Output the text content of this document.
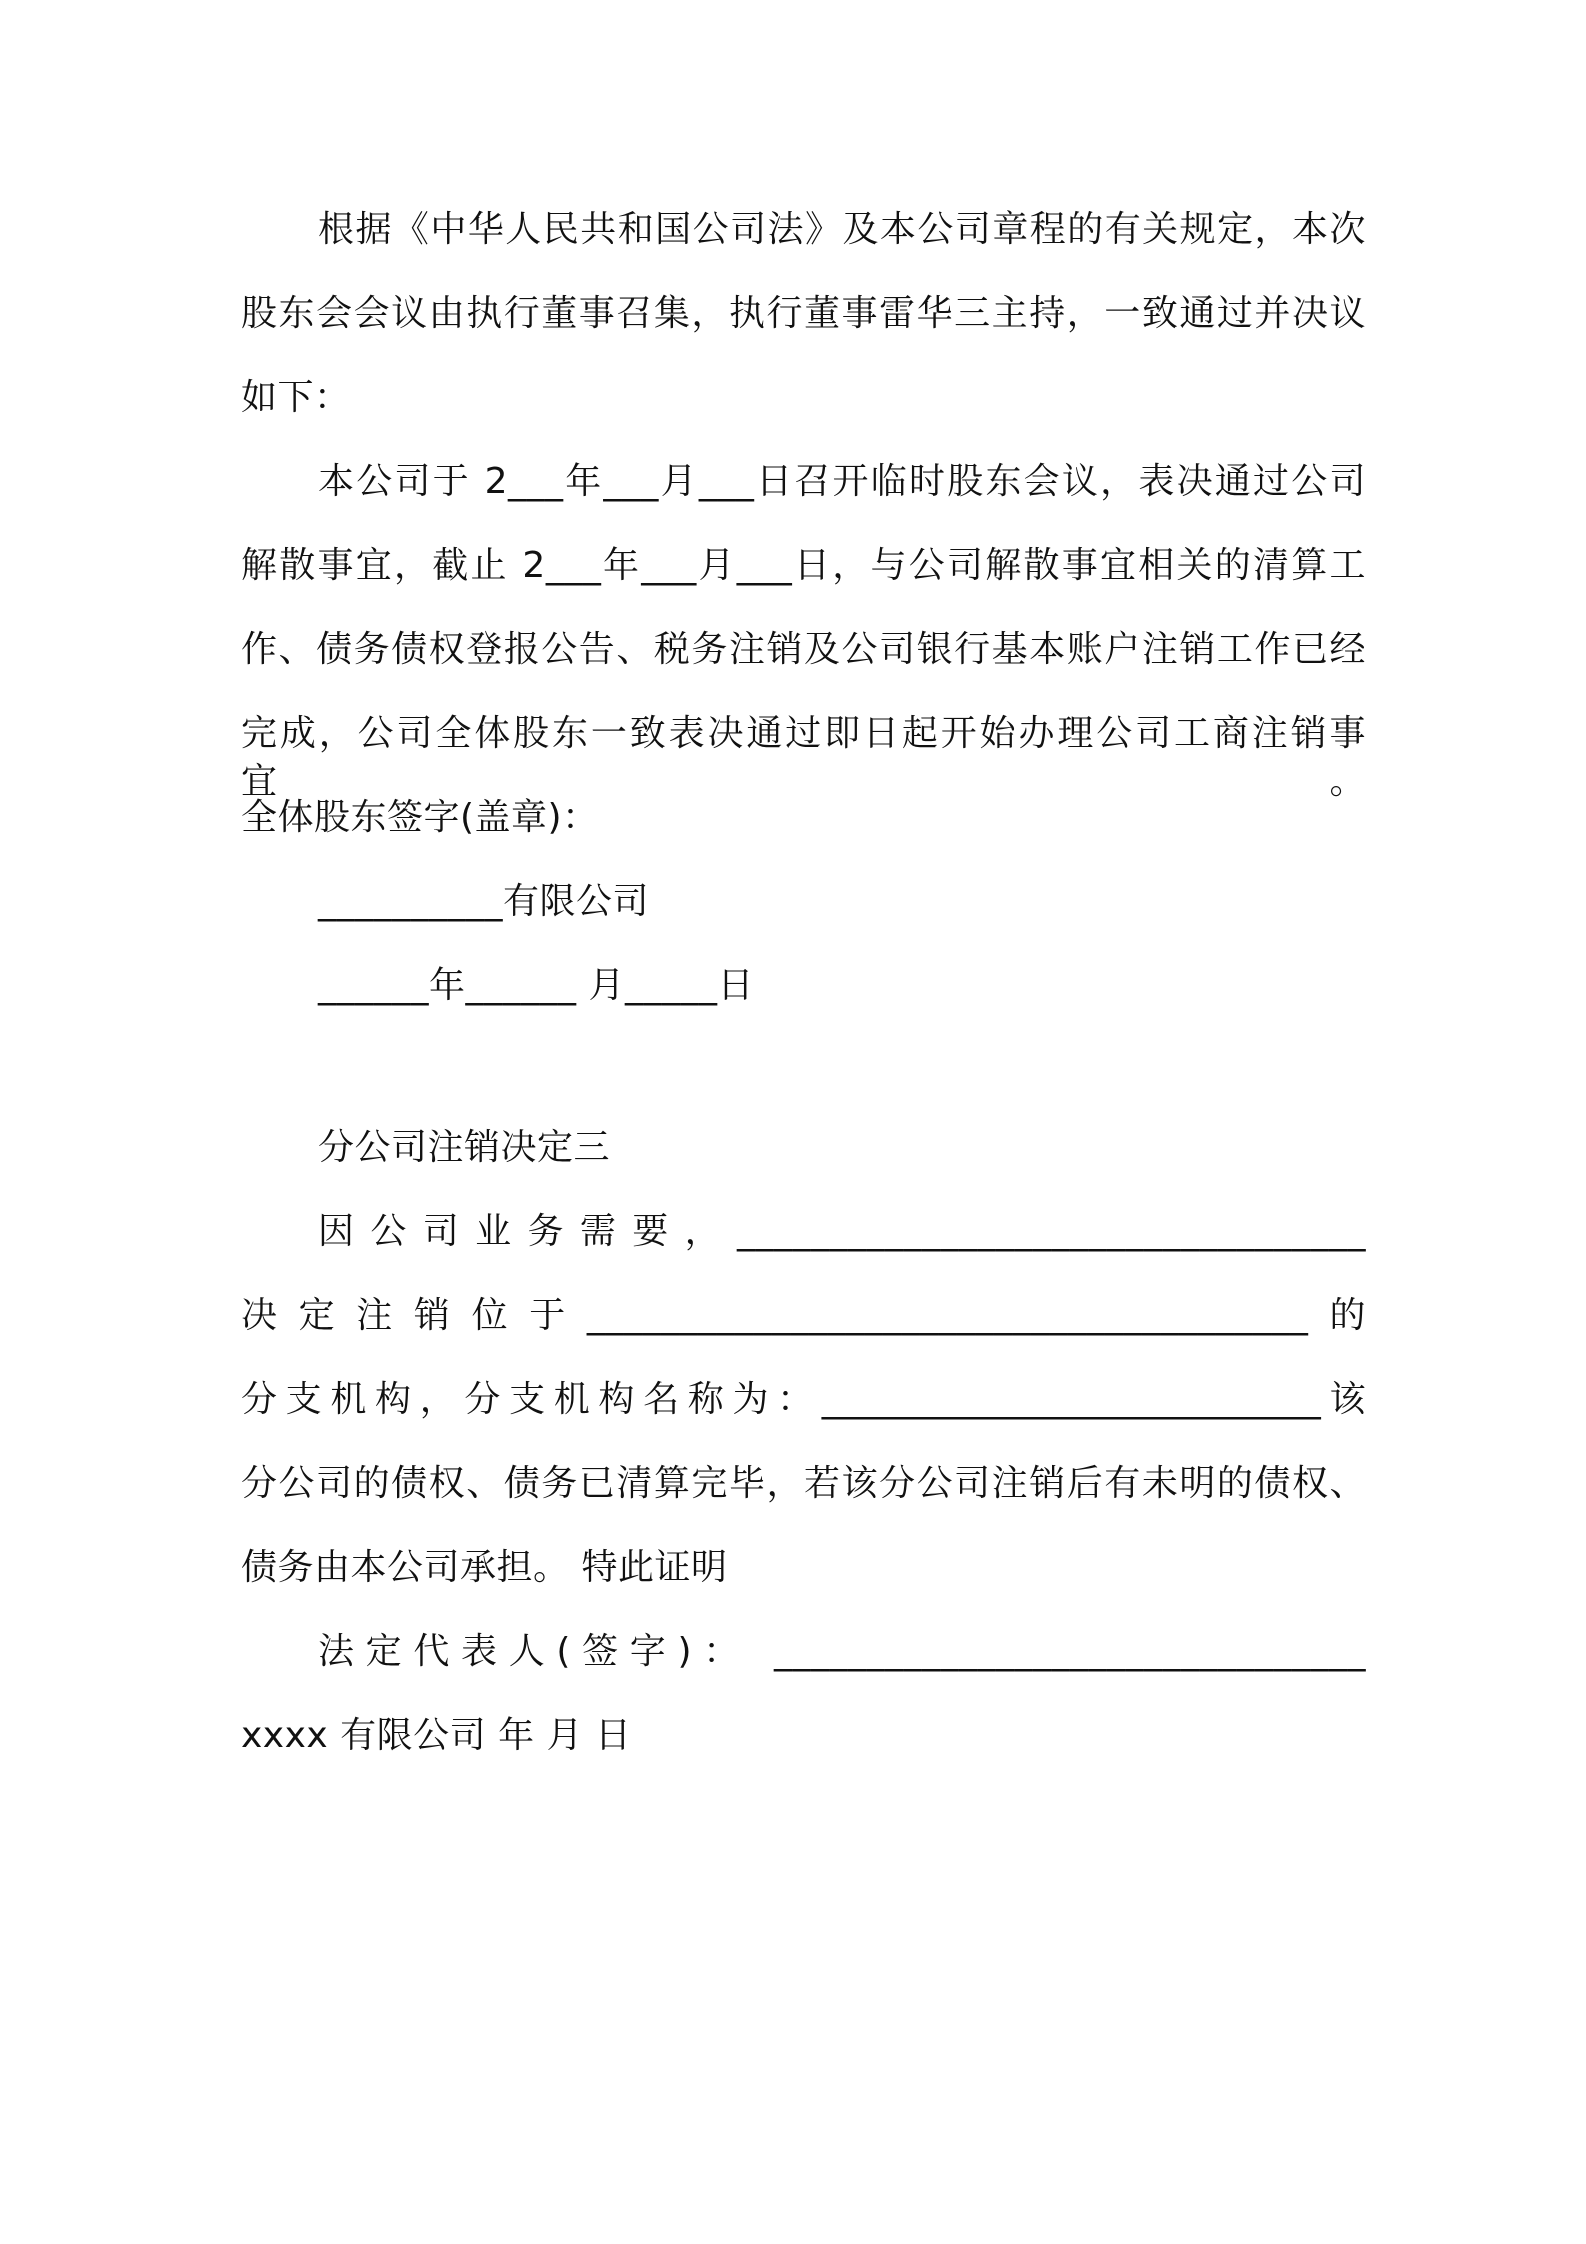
根据《中华人民共和国公司法》及本公司章程的有关规定，本次
股东会会议由执行董事召集，执行董事雷华三主持，一致通过并决议
如下：
本公司于 2___年___月___日召开临时股东会议，表决通过公司
解散事宜，截止 2___年___月___日，与公司解散事宜相关的清算工
作、债务债权登报公告、税务注销及公司银行基本账户注销工作已经
完成，公司全体股东一致表决通过即日起开始办理公司工商注销事宜。
全体股东签字(盖章)：
__________有限公司
______年______ 月_____日
分公司注销决定三
因公司业务需要，__________________________________
决定注销位于_______________________________________的
分支机构，分支机构名称为：___________________________该
分公司的债权、债务已清算完毕，若该分公司注销后有未明的债权、
债务由本公司承担。 特此证明
法定代表人(签字)： ________________________________
xxxx 有限公司 年 月 日
